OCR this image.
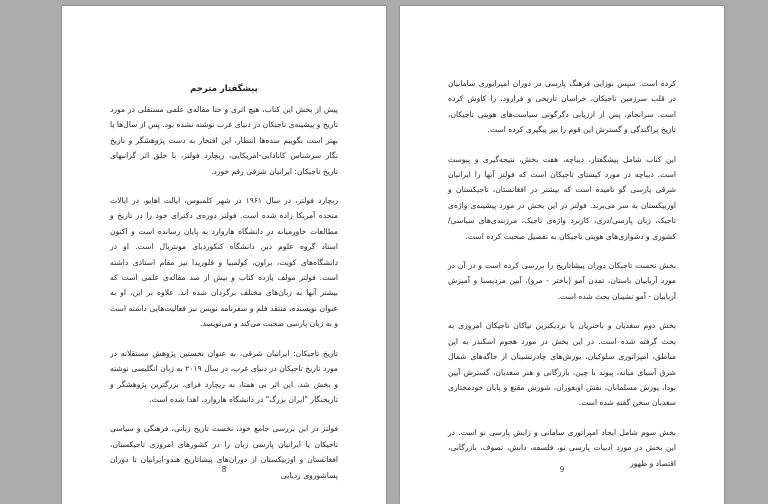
پیشگفتار مترجم

پیش از بخش این کتاب، هیچ اثری و حتا مقاله‌ی علمی مستقلی در مورد تاریخ و پیشینه‌ی تاجیکان در دنیای غرب نوشته نشده بود. پس از سال‌ها یا بهتر است بگوییم سده‌ها انتظار، این افتخار به دست پژوهشگر و تاریخ نگار سرشناس کانادایی-امریکایی، ریچارد فولتز، با خلق اثر گرانبهای تاریخ تاجیکان: ایرانیان شرقی رقم خورد.

ریچارد فولتز، در سال ۱۹۶۱ در شهر کلمبوس، ایالت اهایو، در ایالات متحده آمریکا زاده شده است. فولتز دوره‌ی دکترای خود را در تاریخ و مطالعات خاورمیانه در دانشگاه هاروارد به پایان رسانده است و اکنون استاد گروه علوم دین دانشگاه کنکوردیای مونتریال است. او در دانشگاه‌های کویت، براون، کولمبیا و فلوریدا نیز مقام استادی داشته است. فولتز مولف یازده کتاب و بیش از صد مقاله‌ی علمی است که بیشتر آنها به زبان‌های مختلف برگردان شده اند. علاوه بر این، او به عنوان نویسنده، منتقد فلم و سفرنامه نویس نیز فعالیت‌هایی داشته است و به زبان پارسی صحبت می‌کند و می‌نویسد.

تاریخ تاجیکان: ایرانیان شرقی، به عنوان نخستین پژوهش مستقلانه در مورد تاریخ تاجیکان در دنیای غرب، در سال ۲۰۱۹ به زبان انگلیسی نوشته و بخش شد. این اثر بی همتا، به ریچارد فرای، بزرگترین پژوهشگر و تاریخنگار "ایران بزرگ" در دانشگاه هاروارد، اهدا شده است.

فولتز در این بررسی جامع خود، نخست تاریخ زبانی، فرهنگی و سیاسی تاجیکان یا ایرانیان پارسی زبان را در کشورهای امروزی تاجیکستان، افغانستان و اوزبیکستان از دوران‌های پیشاتاریخ هندو-ایرانیان تا دوران پساشوروی ردیابی

8

کرده است. سپس نوزایی فرهنگ پارسی در دوران امپراتوری سامانیان در قلب سرزمین تاجیکان، خراسان تاریخی و فرارود، را کاوش کرده است. سرانجام، پس از ارزیابی دگرگونی سیاست‌های هویتی تاجیکان، تاریخ پراگندگی و گسترش این قوم را نیز پیگیری کرده است.

این کتاب شامل پیشگفتار، دیباچه، هفت بخش، نتیجه‌گیری و پیوست است. دیباچه در مورد کیستای تاجیکان است که فولتز آنها را ایرانیان شرقی پارسی گو نامیده است که بیشتر در افغانستان، تاجیکستان و اوزبیکستان به سر می‌برند. فولتز در این بخش در مورد پیشینه‌ی واژه‌ی تاجیک، زبان پارسی/دری، کاربرد واژه‌ی تاجیک، مرزبندی‌های سیاسی/کشوری و دشواری‌های هویتی تاجیکان به تفصیل صحبت کرده است.

بخش نخست تاجیکان دوران پیشاتاریخ را بررسی کرده است و در آن در مورد آریاییان باستان، تمدن آمو (باختر - مرو)، آیین مزدیسنا و آمیزش آریاییان - آمو نشینان بحث شده است.

بخش دوم سغدیان و باختریان یا نزدیکترین نیاکان تاجیکان امروزی به بحث گرفته شده است. در این بخش در مورد هجوم اسکندر به این مناطق، امپراتوری سلوکیان، یورش‌های چادرنشینان از جاگه‌های شمال شرق آسیای میانه، پیوند با چین، بازرگانی و هنر سغدیان، گسترش آیین بودا، یورش مسلمانان، نقش اوبغوران، شورش مقنع و پایان خودمختاری سغدیان سخن گفته شده است.

بخش سوم شامل ایجاد امپراتوری سامانی و زایش پارسی نو است. در این بخش در مورد ادبیات پارسی نو، فلسفه، دانش، تصوف، بازرگانی، اقتصاد و ظهور

9
